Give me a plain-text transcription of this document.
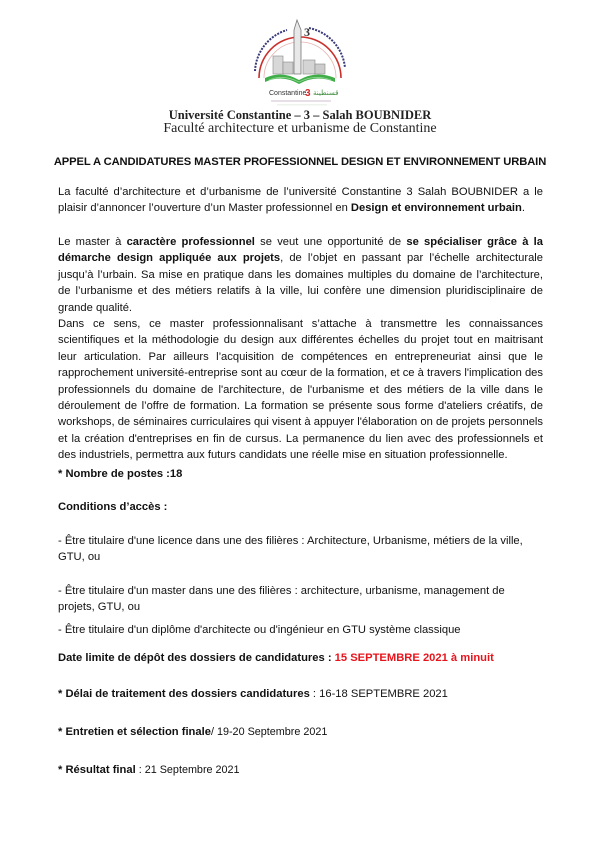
3
Constantine
3 قسنطينة
Université Constantine – 3 – Salah BOUBNIDER
Faculté architecture et urbanisme de Constantine
APPEL A CANDIDATURES MASTER PROFESSIONNEL DESIGN ET ENVIRONNEMENT URBAIN

La faculté d’architecture et d’urbanisme de l’université Constantine 3 Salah BOUBNIDER a le plaisir d’annoncer l’ouverture d’un Master professionnel en Design et environnement urbain.

Le master à caractère professionnel se veut une opportunité de se spécialiser grâce à la démarche design appliquée aux projets, de l’objet en passant par l’échelle architecturale jusqu’à l’urbain. Sa mise en pratique dans les domaines multiples du domaine de l’architecture, de l’urbanisme et des métiers relatifs à la ville, lui confère une dimension pluridisciplinaire de grande qualité.

Dans ce sens, ce master professionnalisant s’attache à transmettre les connaissances scientifiques et la méthodologie du design aux différentes échelles du projet tout en maitrisant leur articulation. Par ailleurs l’acquisition de compétences en entrepreneuriat ainsi que le rapprochement université-entreprise sont au cœur de la formation, et ce à travers l'implication des professionnels du domaine de l'architecture, de l'urbanisme et des métiers de la ville dans le déroulement de l’offre de formation. La formation se présente sous forme d'ateliers créatifs, de workshops, de séminaires curriculaires qui visent à appuyer l'élaboration on de projets personnels et la création d'entreprises en fin de cursus. La permanence du lien avec des professionnels et des industriels, permettra aux futurs candidats une réelle mise en situation professionnelle.

* Nombre de postes :18

Conditions d’accès :

- Être titulaire d'une licence dans une des filières : Architecture, Urbanisme, métiers de la ville, GTU, ou

- Être titulaire d'un master dans une des filières : architecture, urbanisme, management de projets, GTU, ou

- Être titulaire d'un diplôme d'architecte ou d'ingénieur en GTU système classique

Date limite de dépôt des dossiers de candidatures : 15 SEPTEMBRE 2021 à minuit

* Délai de traitement des dossiers candidatures : 16-18 SEPTEMBRE 2021

* Entretien et sélection finale/ 19-20 Septembre 2021

* Résultat final : 21 Septembre 2021
